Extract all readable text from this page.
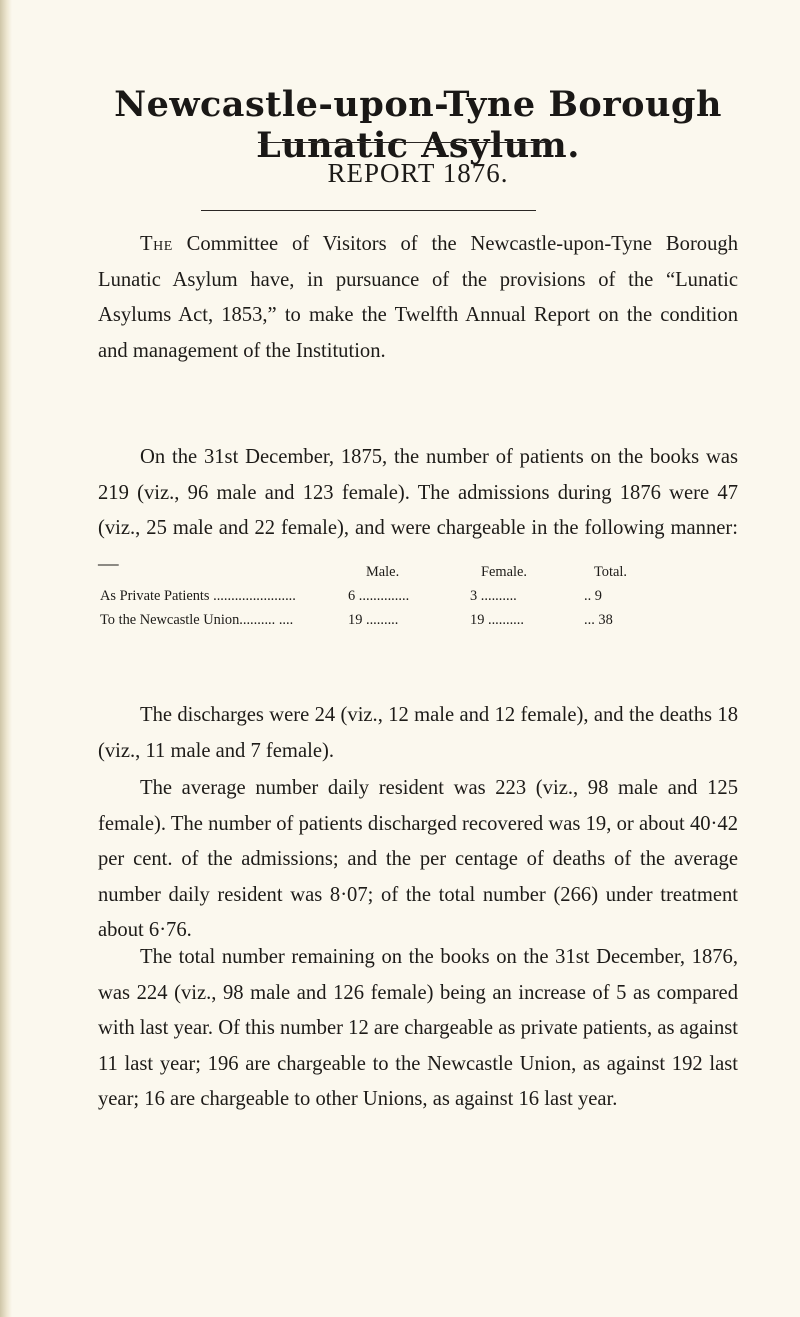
Newcastle-upon-Tyne Borough Lunatic Asylum.
REPORT 1876.

The Committee of Visitors of the Newcastle-upon-Tyne Borough Lunatic Asylum have, in pursuance of the provisions of the “Lunatic Asylums Act, 1853,” to make the Twelfth Annual Report on the condition and management of the Institution.

On the 31st December, 1875, the number of patients on the books was 219 (viz., 96 male and 123 female). The admissions during 1876 were 47 (viz., 25 male and 22 female), and were chargeable in the following manner:—	Male.	Female.	Total.
As Private Patients .......................	6 ..............	3 ..........	.. 9
To the Newcastle Union.......... ....	19 .........	19 ..........	... 38

The discharges were 24 (viz., 12 male and 12 female), and the deaths 18 (viz., 11 male and 7 female).

The average number daily resident was 223 (viz., 98 male and 125 female). The number of patients discharged recovered was 19, or about 40·42 per cent. of the admissions; and the per centage of deaths of the average number daily resident was 8·07; of the total number (266) under treatment about 6·76.

The total number remaining on the books on the 31st December, 1876, was 224 (viz., 98 male and 126 female) being an increase of 5 as compared with last year. Of this number 12 are chargeable as private patients, as against 11 last year; 196 are chargeable to the Newcastle Union, as against 192 last year; 16 are chargeable to other Unions, as against 16 last year.
